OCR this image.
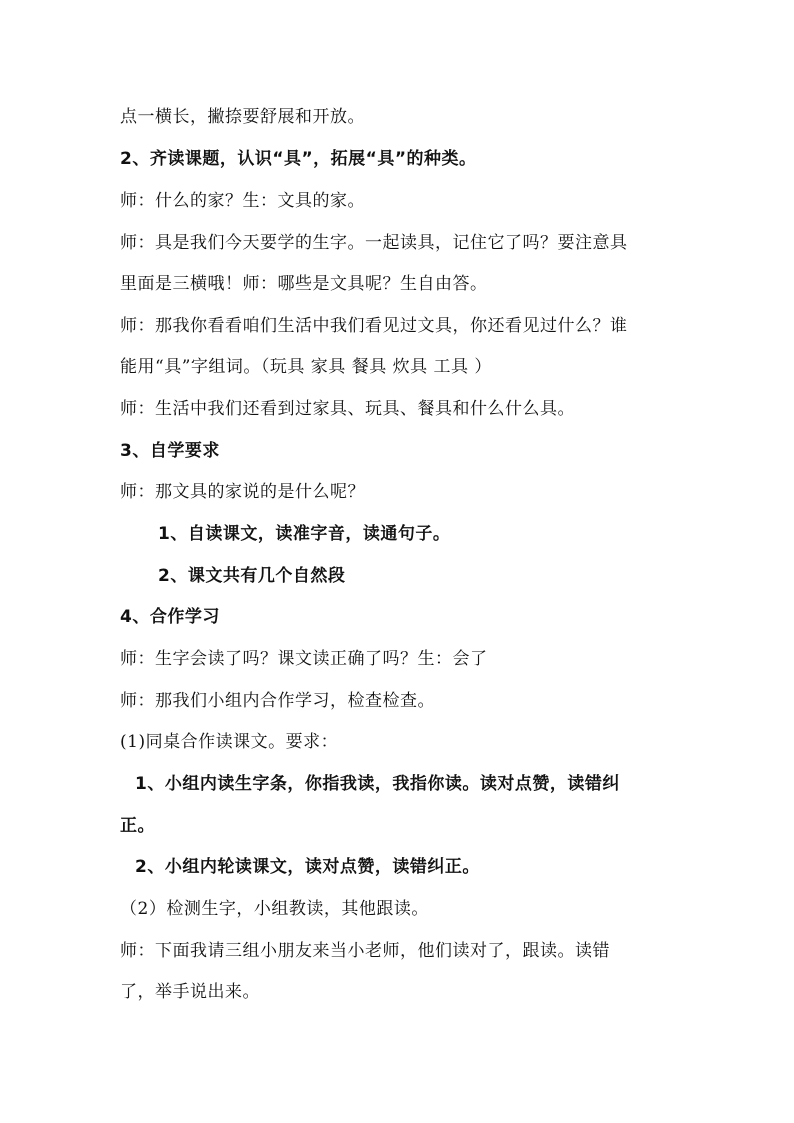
点一横长，撇捺要舒展和开放。
2、齐读课题，认识“具”，拓展“具”的种类。
师：什么的家？生：文具的家。
师：具是我们今天要学的生字。一起读具，记住它了吗？要注意具
里面是三横哦！师：哪些是文具呢？生自由答。
师：那我你看看咱们生活中我们看见过文具，你还看见过什么？谁
能用“具”字组词。（玩具 家具 餐具 炊具 工具 ）
师：生活中我们还看到过家具、玩具、餐具和什么什么具。
3、自学要求
师：那文具的家说的是什么呢？
1、自读课文，读准字音，读通句子。
2、课文共有几个自然段
4、合作学习
师：生字会读了吗？课文读正确了吗？生：会了
师：那我们小组内合作学习，检查检查。
(1)同桌合作读课文。要求：
1、小组内读生字条，你指我读，我指你读。读对点赞，读错纠
正。
2、小组内轮读课文，读对点赞，读错纠正。
（2）检测生字，小组教读，其他跟读。
师：下面我请三组小朋友来当小老师，他们读对了，跟读。读错
了，举手说出来。
